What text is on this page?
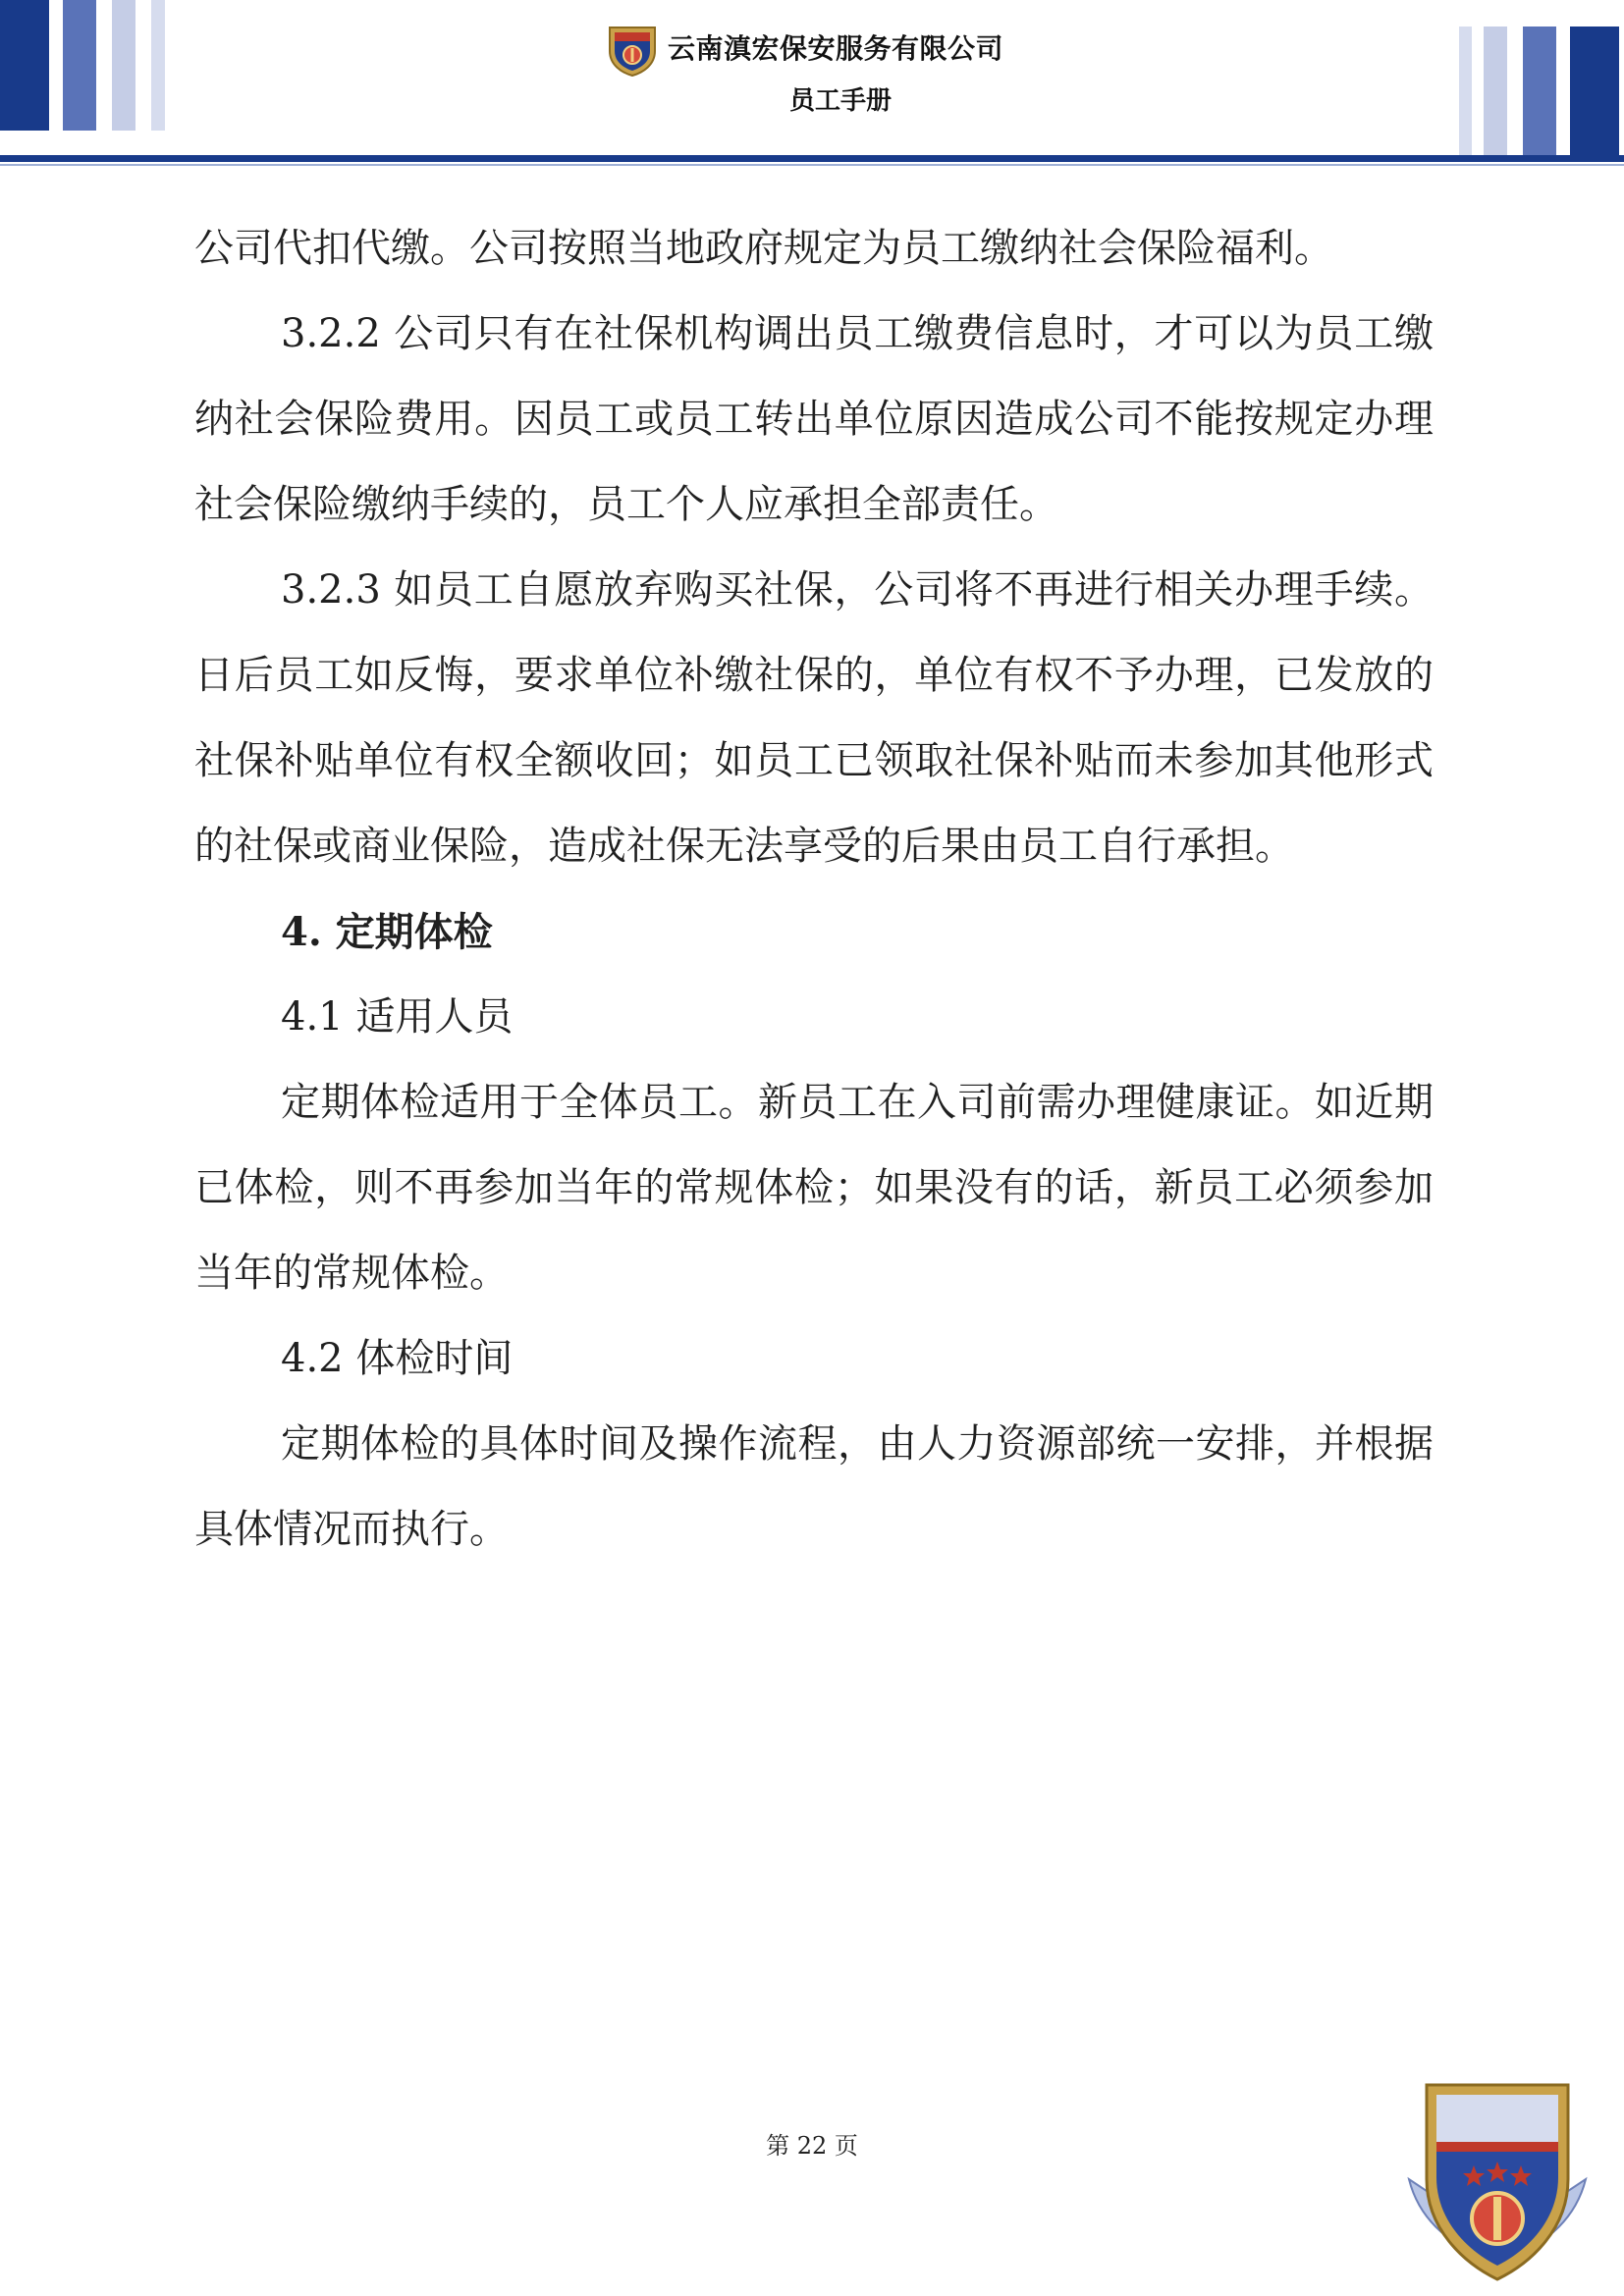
云南滇宏保安服务有限公司
员工手册

公司代扣代缴。公司按照当地政府规定为员工缴纳社会保险福利。

3.2.2 公司只有在社保机构调出员工缴费信息时，才可以为员工缴纳社会保险费用。因员工或员工转出单位原因造成公司不能按规定办理社会保险缴纳手续的，员工个人应承担全部责任。

3.2.3 如员工自愿放弃购买社保，公司将不再进行相关办理手续。日后员工如反悔，要求单位补缴社保的，单位有权不予办理，已发放的社保补贴单位有权全额收回；如员工已领取社保补贴而未参加其他形式的社保或商业保险，造成社保无法享受的后果由员工自行承担。

4. 定期体检

4.1 适用人员

定期体检适用于全体员工。新员工在入司前需办理健康证。如近期已体检，则不再参加当年的常规体检；如果没有的话，新员工必须参加当年的常规体检。

4.2 体检时间

定期体检的具体时间及操作流程，由人力资源部统一安排，并根据具体情况而执行。

第 22 页
